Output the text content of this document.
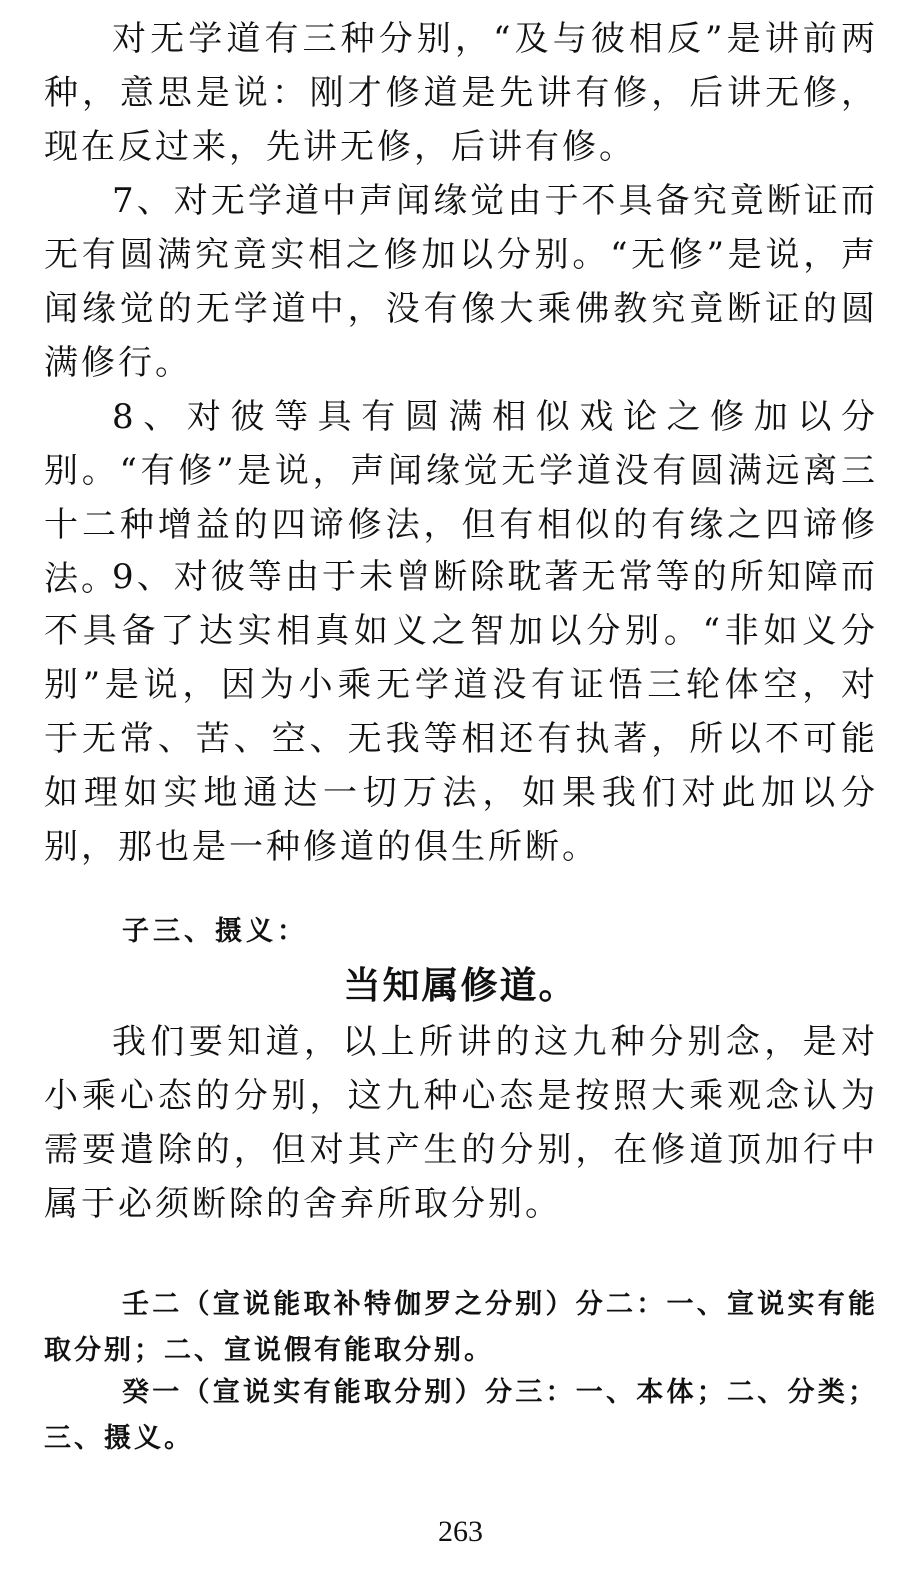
对无学道有三种分别，“及与彼相反”是讲前两种，意思是说：刚才修道是先讲有修，后讲无修，现在反过来，先讲无修，后讲有修。

7、对无学道中声闻缘觉由于不具备究竟断证而无有圆满究竟实相之修加以分别。“无修”是说，声闻缘觉的无学道中，没有像大乘佛教究竟断证的圆满修行。

8、对彼等具有圆满相似戏论之修加以分别。“有修”是说，声闻缘觉无学道没有圆满远离三十二种增益的四谛修法，但有相似的有缘之四谛修法。

9、对彼等由于未曾断除耽著无常等的所知障而不具备了达实相真如义之智加以分别。“非如义分别”是说，因为小乘无学道没有证悟三轮体空，对于无常、苦、空、无我等相还有执著，所以不可能如理如实地通达一切万法，如果我们对此加以分别，那也是一种修道的俱生所断。

子三、摄义：

当知属修道。

我们要知道，以上所讲的这九种分别念，是对小乘心态的分别，这九种心态是按照大乘观念认为需要遣除的，但对其产生的分别，在修道顶加行中属于必须断除的舍弃所取分别。

壬二（宣说能取补特伽罗之分别）分二：一、宣说实有能取分别；二、宣说假有能取分别。

癸一（宣说实有能取分别）分三：一、本体；二、分类；三、摄义。

263
